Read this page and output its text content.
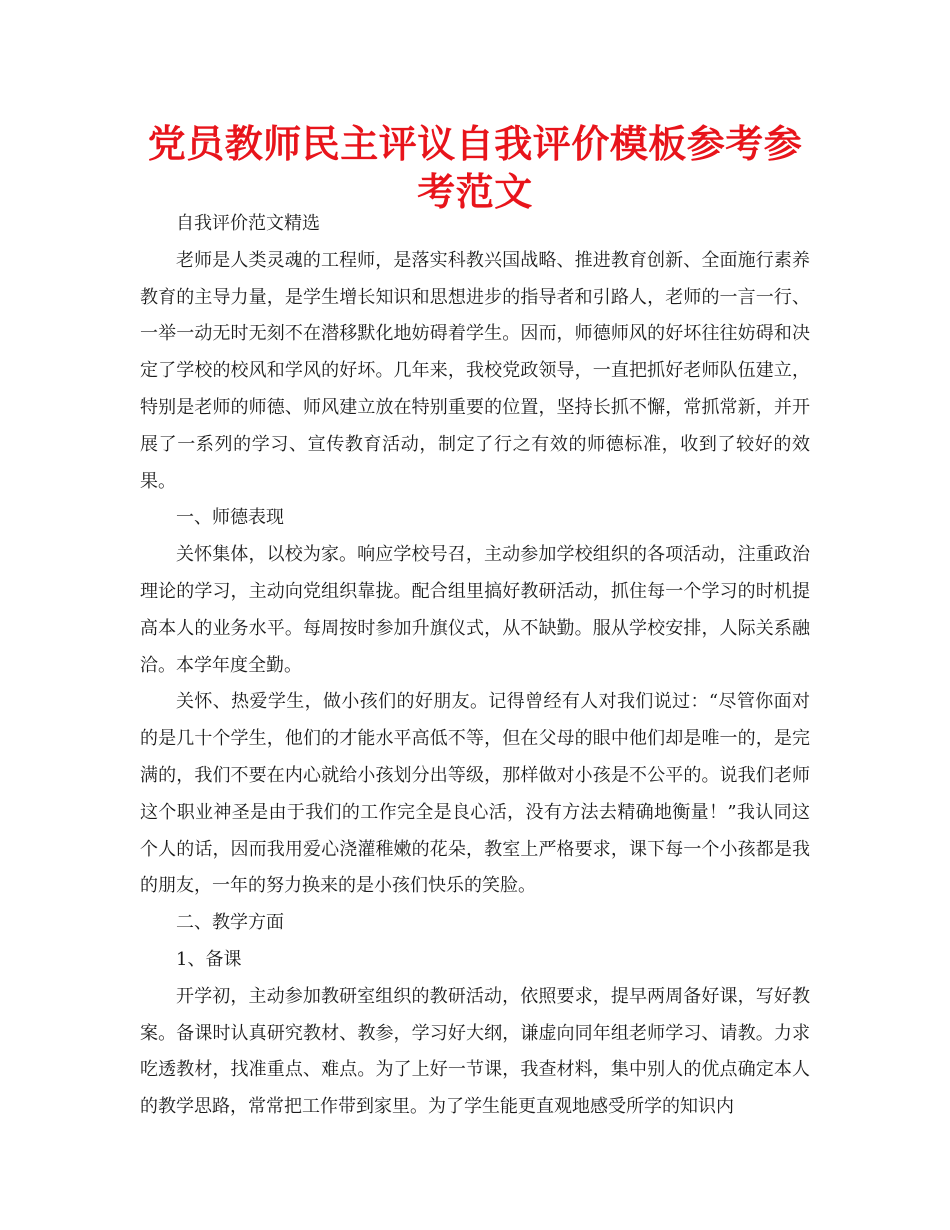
党员教师民主评议自我评价模板参考参考范文

自我评价范文精选

老师是人类灵魂的工程师，是落实科教兴国战略、推进教育创新、全面施行素养教育的主导力量，是学生增长知识和思想进步的指导者和引路人，老师的一言一行、一举一动无时无刻不在潜移默化地妨碍着学生。因而，师德师风的好坏往往妨碍和决定了学校的校风和学风的好坏。几年来，我校党政领导，一直把抓好老师队伍建立，特别是老师的师德、师风建立放在特别重要的位置，坚持长抓不懈，常抓常新，并开展了一系列的学习、宣传教育活动，制定了行之有效的师德标准，收到了较好的效果。

一、师德表现

关怀集体，以校为家。响应学校号召，主动参加学校组织的各项活动，注重政治理论的学习，主动向党组织靠拢。配合组里搞好教研活动，抓住每一个学习的时机提高本人的业务水平。每周按时参加升旗仪式，从不缺勤。服从学校安排，人际关系融洽。本学年度全勤。

关怀、热爱学生，做小孩们的好朋友。记得曾经有人对我们说过：“尽管你面对的是几十个学生，他们的才能水平高低不等，但在父母的眼中他们却是唯一的，是完满的，我们不要在内心就给小孩划分出等级，那样做对小孩是不公平的。说我们老师这个职业神圣是由于我们的工作完全是良心活，没有方法去精确地衡量！”我认同这个人的话，因而我用爱心浇灌稚嫩的花朵，教室上严格要求，课下每一个小孩都是我的朋友，一年的努力换来的是小孩们快乐的笑脸。

二、教学方面

1、备课

开学初，主动参加教研室组织的教研活动，依照要求，提早两周备好课，写好教案。备课时认真研究教材、教参，学习好大纲，谦虚向同年组老师学习、请教。力求吃透教材，找准重点、难点。为了上好一节课，我查材料，集中别人的优点确定本人的教学思路，常常把工作带到家里。为了学生能更直观地感受所学的知识内
